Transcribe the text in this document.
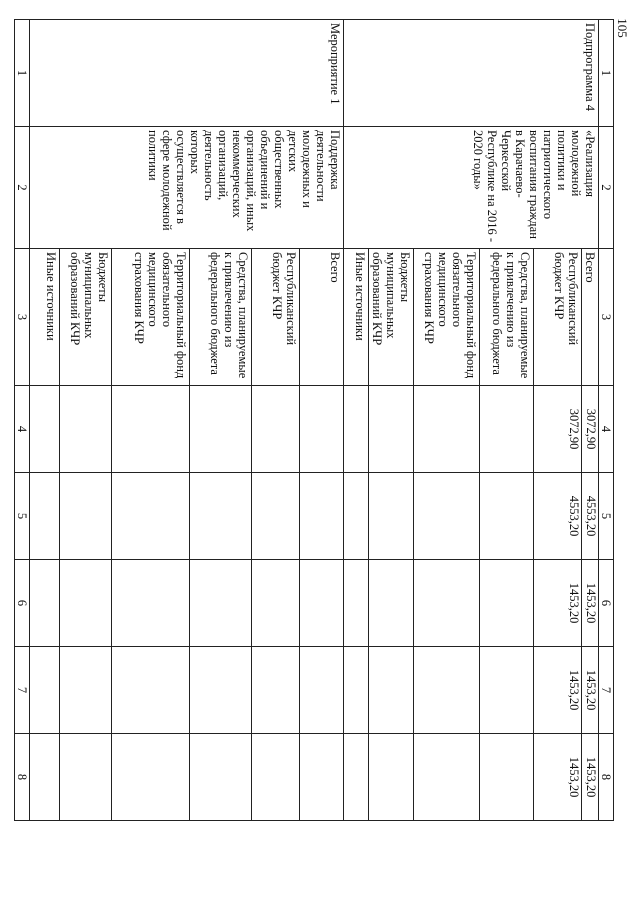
105
1	2	3	4	5	6	7	8
Подпрограмма 4	«Реализация молодежной политики и патриотического воспитания граждан в Карачаево-Черкесской Республике на 2016 - 2020 годы»	Всего	3072,90	4553,20	1453,20	1453,20	1453,20
		Республиканский бюджет КЧР	3072,90	4553,20	1453,20	1453,20	1453,20
		Средства, планируемые к привлечению из федерального бюджета					
		Территориальный фонд обязательного медицинского страхования КЧР					
		Бюджеты муниципальных образований КЧР					
		Иные источники					
Мероприятие 1	Поддержка деятельности молодежных и детских общественных объединений и организаций, иных некоммерческих организаций, деятельность которых осуществляется в сфере молодежной политики	Всего					
		Республиканский бюджет КЧР					
		Средства, планируемые к привлечению из федерального бюджета					
		Территориальный фонд обязательного медицинского страхования КЧР					
		Бюджеты муниципальных образований КЧР					
		Иные источники					
1	2	3	4	5	6	7	8
